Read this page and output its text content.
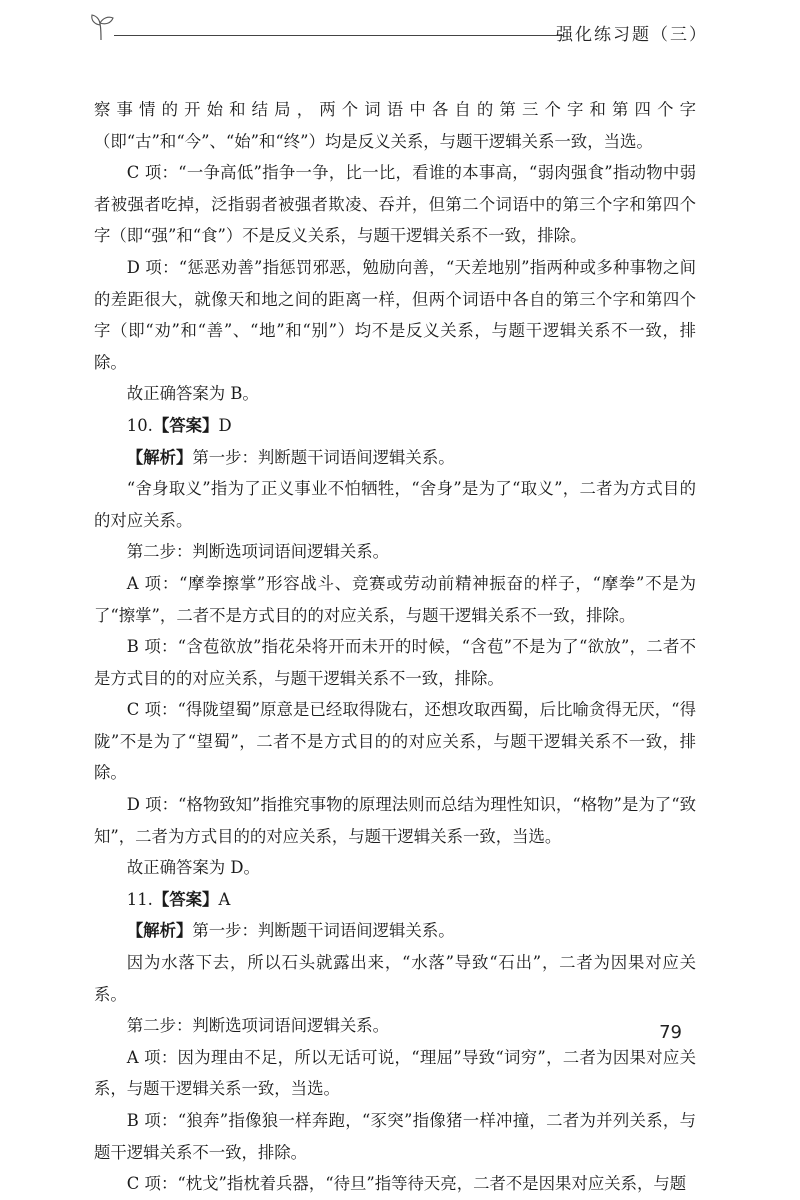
强化练习题（三）

察事情的开始和结局，两个词语中各自的第三个字和第四个字（即“古”和“今”、“始”和“终”）均是反义关系，与题干逻辑关系一致，当选。

C 项：“一争高低”指争一争，比一比，看谁的本事高，“弱肉强食”指动物中弱者被强者吃掉，泛指弱者被强者欺凌、吞并，但第二个词语中的第三个字和第四个字（即“强”和“食”）不是反义关系，与题干逻辑关系不一致，排除。

D 项：“惩恶劝善”指惩罚邪恶，勉励向善，“天差地别”指两种或多种事物之间的差距很大，就像天和地之间的距离一样，但两个词语中各自的第三个字和第四个字（即“劝”和“善”、“地”和“别”）均不是反义关系，与题干逻辑关系不一致，排除。

故正确答案为 B。

10.【答案】D

【解析】第一步：判断题干词语间逻辑关系。

“舍身取义”指为了正义事业不怕牺牲，“舍身”是为了“取义”，二者为方式目的的对应关系。

第二步：判断选项词语间逻辑关系。

A 项：“摩拳擦掌”形容战斗、竞赛或劳动前精神振奋的样子，“摩拳”不是为了“擦掌”，二者不是方式目的的对应关系，与题干逻辑关系不一致，排除。

B 项：“含苞欲放”指花朵将开而未开的时候，“含苞”不是为了“欲放”，二者不是方式目的的对应关系，与题干逻辑关系不一致，排除。

C 项：“得陇望蜀”原意是已经取得陇右，还想攻取西蜀，后比喻贪得无厌，“得陇”不是为了“望蜀”，二者不是方式目的的对应关系，与题干逻辑关系不一致，排除。

D 项：“格物致知”指推究事物的原理法则而总结为理性知识，“格物”是为了“致知”，二者为方式目的的对应关系，与题干逻辑关系一致，当选。

故正确答案为 D。

11.【答案】A

【解析】第一步：判断题干词语间逻辑关系。

因为水落下去，所以石头就露出来，“水落”导致“石出”，二者为因果对应关系。

第二步：判断选项词语间逻辑关系。

A 项：因为理由不足，所以无话可说，“理屈”导致“词穷”，二者为因果对应关系，与题干逻辑关系一致，当选。

B 项：“狼奔”指像狼一样奔跑，“豕突”指像猪一样冲撞，二者为并列关系，与题干逻辑关系不一致，排除。

C 项：“枕戈”指枕着兵器，“待旦”指等待天亮，二者不是因果对应关系，与题

79
